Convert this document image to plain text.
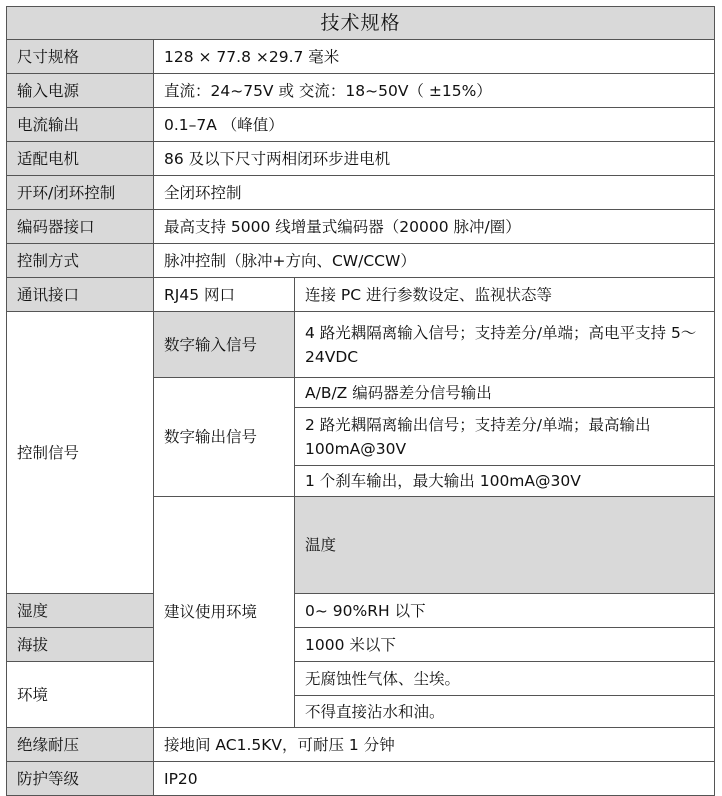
技术规格			
尺寸规格	128 × 77.8 ×29.7 毫米		
输入电源	直流：24~75V 或 交流：18~50V（ ±15%）		
电流输出	0.1–7A （峰值）		
适配电机	86 及以下尺寸两相闭环步进电机		
开环/闭环控制	全闭环控制		
编码器接口	最高支持 5000 线增量式编码器（20000 脉冲/圈）		
控制方式	脉冲控制（脉冲+方向、CW/CCW）		
通讯接口	RJ45 网口	连接 PC 进行参数设定、监视状态等	
控制信号	数字输入信号	4 路光耦隔离输入信号；支持差分/单端；高电平支持 5～24VDC	
	数字输出信号	A/B/Z 编码器差分信号输出	
		2 路光耦隔离输出信号；支持差分/单端；最高输出 100mA@30V	
		1 个刹车输出，最大输出 100mA@30V	
	建议使用环境	温度	
湿度		0~ 90%RH 以下	
海拔		1000 米以下	
环境		无腐蚀性气体、尘埃。	
		不得直接沾水和油。	
绝缘耐压	接地间 AC1.5KV，可耐压 1 分钟		
防护等级	IP20		
